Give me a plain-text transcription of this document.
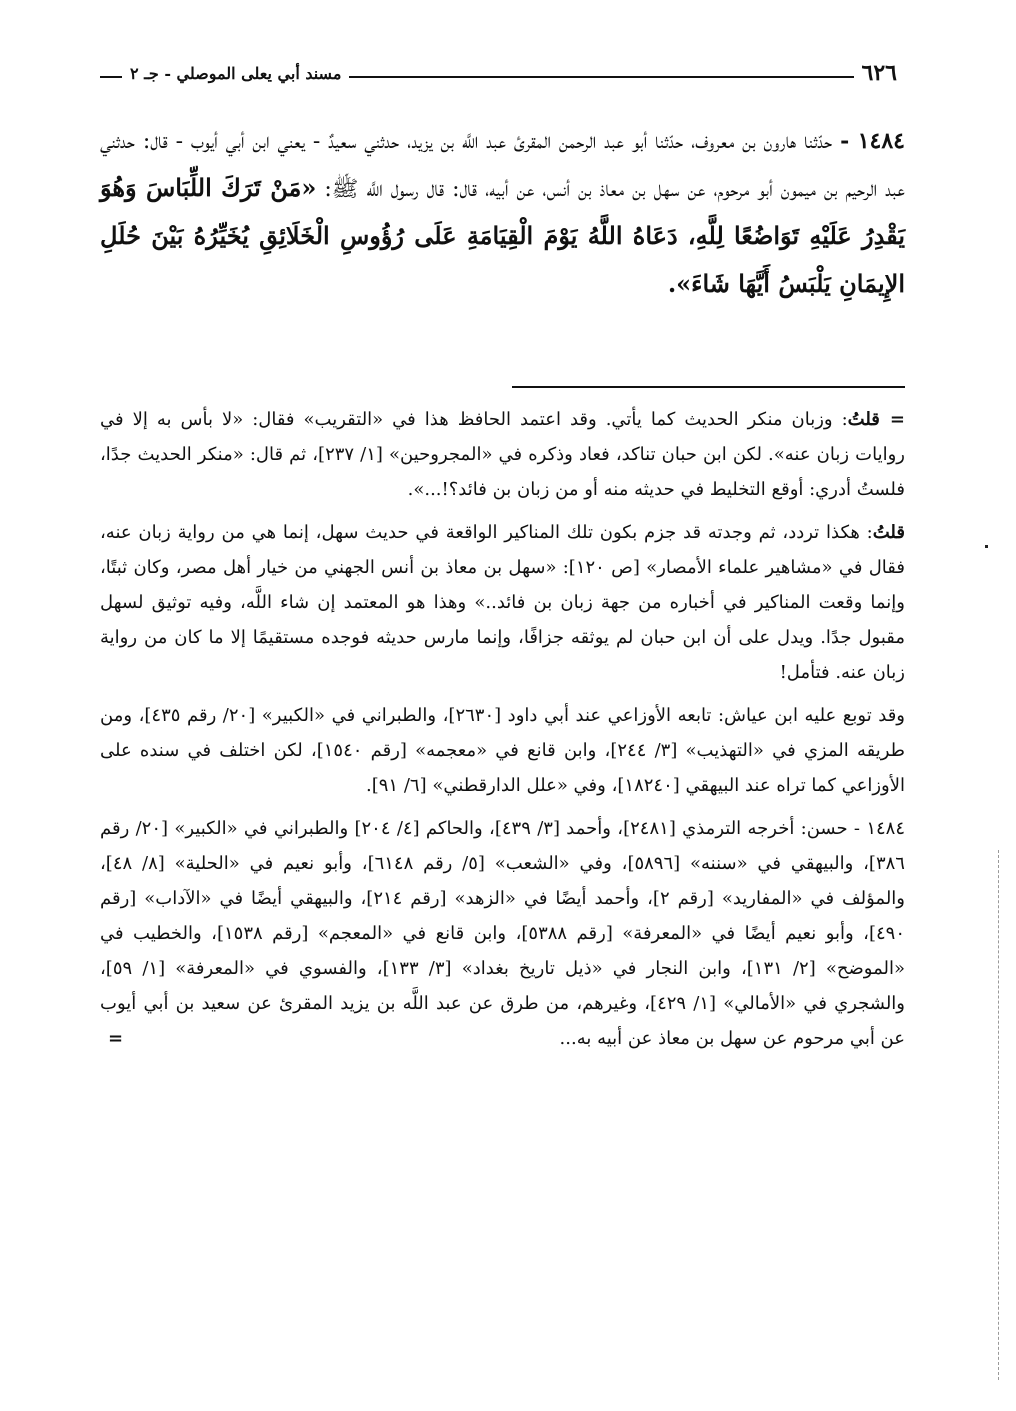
٦٢٦
مسند أبي يعلى الموصلي - جـ ٢
١٤٨٤ - حدّثنا هارون بن معروف، حدّثنا أبو عبد الرحمن المقرئ عبد اللَّه بن يزيد، حدثني سعيدٌ - يعني ابن أبي أيوب - قال: حدثني عبد الرحيم بن ميمون أبو مرحوم، عن سهل بن معاذ بن أنس، عن أبيه، قال: قال رسول اللَّه ﷺ: «مَنْ تَرَكَ اللِّبَاسَ وَهُوَ يَقْدِرُ عَلَيْهِ تَوَاضُعًا لِلَّهِ، دَعَاهُ اللَّهُ يَوْمَ الْقِيَامَةِ عَلَى رُؤُوسِ الْخَلَائِقِ يُخَيِّرُهُ بَيْنَ حُلَلِ الإِيمَانِ يَلْبَسُ أَيَّهَا شَاءَ».

=قلتُ: وزبان منكر الحديث كما يأتي. وقد اعتمد الحافظ هذا في «التقريب» فقال: «لا بأس به إلا في روايات زبان عنه». لكن ابن حبان تناكد، فعاد وذكره في «المجروحين» [١/ ٢٣٧]، ثم قال: «منكر الحديث جدًا، فلستُ أدري: أوقع التخليط في حديثه منه أو من زبان بن فائد؟!...».

قلتُ: هكذا تردد، ثم وجدته قد جزم بكون تلك المناكير الواقعة في حديث سهل، إنما هي من رواية زبان عنه، فقال في «مشاهير علماء الأمصار» [ص ١٢٠]: «سهل بن معاذ بن أنس الجهني من خيار أهل مصر، وكان ثبتًا، وإنما وقعت المناكير في أخباره من جهة زبان بن فائد..» وهذا هو المعتمد إن شاء اللَّه، وفيه توثيق لسهل مقبول جدًا. ويدل على أن ابن حبان لم يوثقه جزافًا، وإنما مارس حديثه فوجده مستقيمًا إلا ما كان من رواية زبان عنه. فتأمل!

وقد توبع عليه ابن عياش: تابعه الأوزاعي عند أبي داود [٢٦٣٠]، والطبراني في «الكبير» [٢٠/ رقم ٤٣٥]، ومن طريقه المزي في «التهذيب» [٣/ ٢٤٤]، وابن قانع في «معجمه» [رقم ١٥٤٠]، لكن اختلف في سنده على الأوزاعي كما تراه عند البيهقي [١٨٢٤٠]، وفي «علل الدارقطني» [٦/ ٩١].

١٤٨٤ - حسن: أخرجه الترمذي [٢٤٨١]، وأحمد [٣/ ٤٣٩]، والحاكم [٤/ ٢٠٤] والطبراني في «الكبير» [٢٠/ رقم ٣٨٦]، والبيهقي في «سننه» [٥٨٩٦]، وفي «الشعب» [٥/ رقم ٦١٤٨]، وأبو نعيم في «الحلية» [٨/ ٤٨]، والمؤلف في «المفاريد» [رقم ٢]، وأحمد أيضًا في «الزهد» [رقم ٢١٤]، والبيهقي أيضًا في «الآداب» [رقم ٤٩٠]، وأبو نعيم أيضًا في «المعرفة» [رقم ٥٣٨٨]، وابن قانع في «المعجم» [رقم ١٥٣٨]، والخطيب في «الموضح» [٢/ ١٣١]، وابن النجار في «ذيل تاريخ بغداد» [٣/ ١٣٣]، والفسوي في «المعرفة» [١/ ٥٩]، والشجري في «الأمالي» [١/ ٤٢٩]، وغيرهم، من طرق عن عبد اللَّه بن يزيد المقرئ عن سعيد بن أبي أيوب عن أبي مرحوم عن سهل بن معاذ عن أبيه به...
=
